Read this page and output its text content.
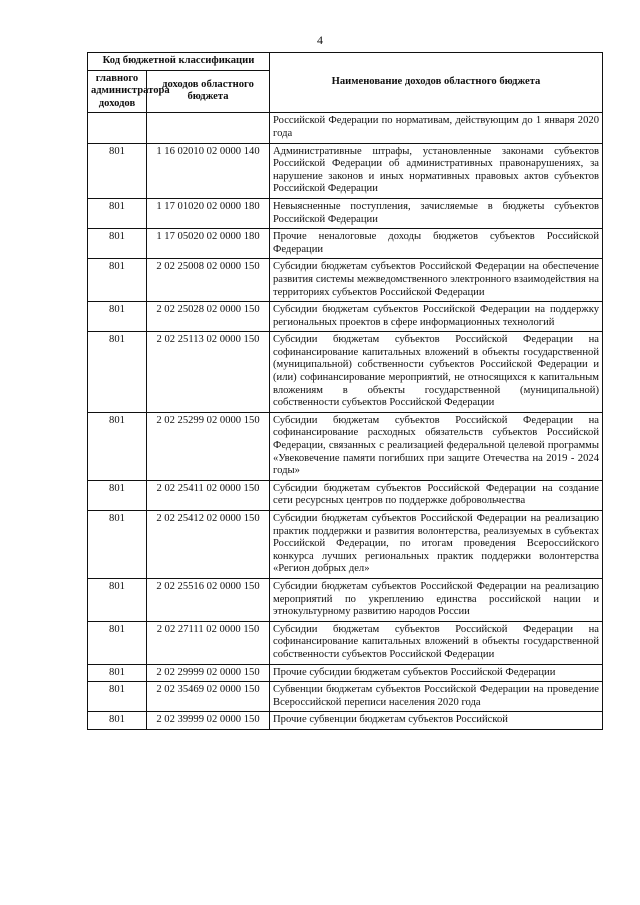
4
Код бюджетной классификации		Наименование доходов областного бюджета
главного администратора доходов	доходов областного бюджета	
		Российской Федерации по нормативам, действующим до 1 января 2020 года
801	1 16 02010 02 0000 140	Административные штрафы, установленные законами субъектов Российской Федерации об административных правонарушениях, за нарушение законов и иных нормативных правовых актов субъектов Российской Федерации
801	1 17 01020 02 0000 180	Невыясненные поступления, зачисляемые в бюджеты субъектов Российской Федерации
801	1 17 05020 02 0000 180	Прочие неналоговые доходы бюджетов субъектов Российской Федерации
801	2 02 25008 02 0000 150	Субсидии бюджетам субъектов Российской Федерации на обеспечение развития системы межведомственного электронного взаимодействия на территориях субъектов Российской Федерации
801	2 02 25028 02 0000 150	Субсидии бюджетам субъектов Российской Федерации на поддержку региональных проектов в сфере информационных технологий
801	2 02 25113 02 0000 150	Субсидии бюджетам субъектов Российской Федерации на софинансирование капитальных вложений в объекты государственной (муниципальной) собственности субъектов Российской Федерации и (или) софинансирование мероприятий, не относящихся к капитальным вложениям в объекты государственной (муниципальной) собственности субъектов Российской Федерации
801	2 02 25299 02 0000 150	Субсидии бюджетам субъектов Российской Федерации на софинансирование расходных обязательств субъектов Российской Федерации, связанных с реализацией федеральной целевой программы «Увековечение памяти погибших при защите Отечества на 2019 - 2024 годы»
801	2 02 25411 02 0000 150	Субсидии бюджетам субъектов Российской Федерации на создание сети ресурсных центров по поддержке добровольчества
801	2 02 25412 02 0000 150	Субсидии бюджетам субъектов Российской Федерации на реализацию практик поддержки и развития волонтерства, реализуемых в субъектах Российской Федерации, по итогам проведения Всероссийского конкурса лучших региональных практик поддержки волонтерства «Регион добрых дел»
801	2 02 25516 02 0000 150	Субсидии бюджетам субъектов Российской Федерации на реализацию мероприятий по укреплению единства российской нации и этнокультурному развитию народов России
801	2 02 27111 02 0000 150	Субсидии бюджетам субъектов Российской Федерации на софинансирование капитальных вложений в объекты государственной собственности субъектов Российской Федерации
801	2 02 29999 02 0000 150	Прочие субсидии бюджетам субъектов Российской Федерации
801	2 02 35469 02 0000 150	Субвенции бюджетам субъектов Российской Федерации на проведение Всероссийской переписи населения 2020 года
801	2 02 39999 02 0000 150	Прочие субвенции бюджетам субъектов Российской
